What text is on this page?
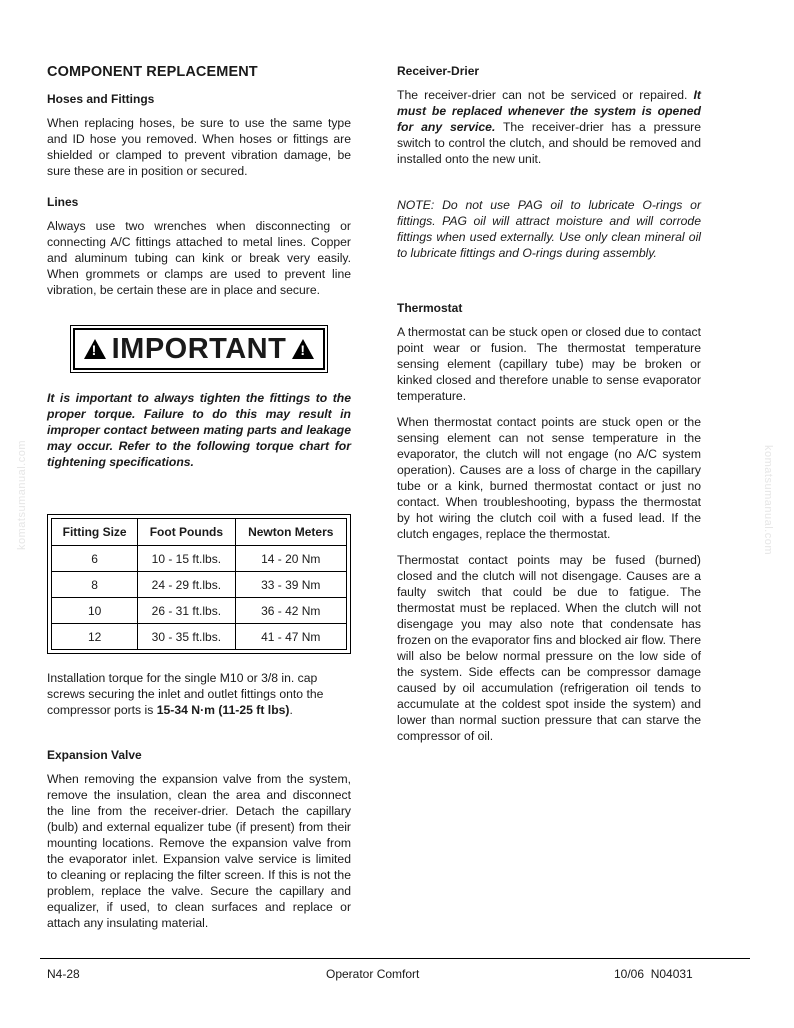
komatsumanual.com	komatsumanual.com
COMPONENT REPLACEMENT
Hoses and Fittings

When replacing hoses, be sure to use the same type and ID hose you removed. When hoses or fittings are shielded or clamped to prevent vibration damage, be sure these are in position or secured.

Lines

Always use two wrenches when disconnecting or connecting A/C fittings attached to metal lines. Copper and aluminum tubing can kink or break very easily. When grommets or clamps are used to prevent line vibration, be certain these are in place and secure.

!
IMPORTANT
!

It is important to always tighten the fittings to the proper torque. Failure to do this may result in improper contact between mating parts and leakage may occur. Refer to the following torque chart for tightening specifications.

Fitting Size	Foot Pounds	Newton Meters
6	10 - 15 ft.lbs.	14 - 20 Nm
8	24 - 29 ft.lbs.	33 - 39 Nm
10	26 - 31 ft.lbs.	36 - 42 Nm
12	30 - 35 ft.lbs.	41 - 47 Nm

Installation torque for the single M10 or 3/8 in. cap screws securing the inlet and outlet fittings onto the compressor ports is 15-34 N·m (11-25 ft lbs).

Expansion Valve

When removing the expansion valve from the system, remove the insulation, clean the area and disconnect the line from the receiver-drier. Detach the capillary (bulb) and external equalizer tube (if present) from their mounting locations. Remove the expansion valve from the evaporator inlet. Expansion valve service is limited to cleaning or replacing the filter screen. If this is not the problem, replace the valve. Secure the capillary and equalizer, if used, to clean surfaces and replace or attach any insulating material.

Receiver-Drier

The receiver-drier can not be serviced or repaired. It must be replaced whenever the system is opened for any service. The receiver-drier has a pressure switch to control the clutch, and should be removed and installed onto the new unit.

NOTE: Do not use PAG oil to lubricate O-rings or fittings. PAG oil will attract moisture and will corrode fittings when used externally. Use only clean mineral oil to lubricate fittings and O-rings during assembly.

Thermostat

A thermostat can be stuck open or closed due to contact point wear or fusion. The thermostat temperature sensing element (capillary tube) may be broken or kinked closed and therefore unable to sense evaporator temperature.

When thermostat contact points are stuck open or the sensing element can not sense temperature in the evaporator, the clutch will not engage (no A/C system operation). Causes are a loss of charge in the capillary tube or a kink, burned thermostat contact or just no contact. When troubleshooting, bypass the thermostat by hot wiring the clutch coil with a fused lead. If the clutch engages, replace the thermostat.

Thermostat contact points may be fused (burned) closed and the clutch will not disengage. Causes are a faulty switch that could be due to fatigue. The thermostat must be replaced. When the clutch will not disengage you may also note that condensate has frozen on the evaporator fins and blocked air flow. There will also be below normal pressure on the low side of the system. Side effects can be compressor damage caused by oil accumulation (refrigeration oil tends to accumulate at the coldest spot inside the system) and lower than normal suction pressure that can starve the compressor of oil.

N4-28	Operator Comfort	10/06  N04031
